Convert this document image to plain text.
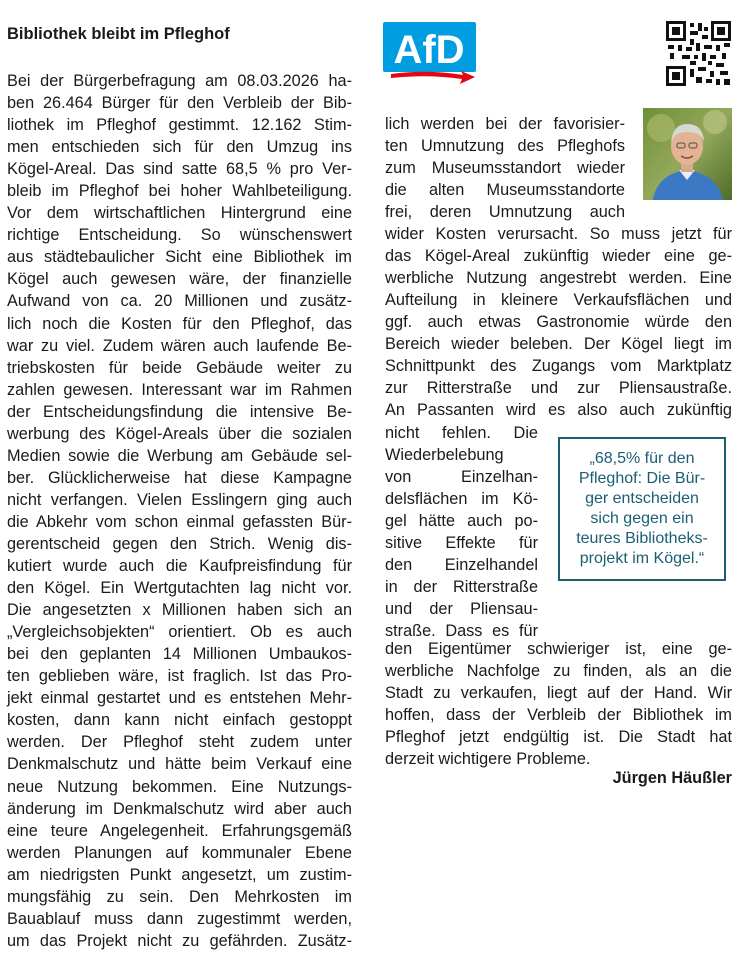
Bibliothek bleibt im Pfleghof
Bei der Bürgerbefragung am 08.03.2026 ha-
ben 26.464 Bürger für den Verbleib der Bib-
liothek im Pfleghof gestimmt. 12.162 Stim-
men entschieden sich für den Umzug ins
Kögel-Areal. Das sind satte 68,5 % pro Ver-
bleib im Pfleghof bei hoher Wahlbeteiligung.
Vor dem wirtschaftlichen Hintergrund eine
richtige Entscheidung. So wünschenswert
aus städtebaulicher Sicht eine Bibliothek im
Kögel auch gewesen wäre, der finanzielle
Aufwand von ca. 20 Millionen und zusätz-
lich noch die Kosten für den Pfleghof, das
war zu viel. Zudem wären auch laufende Be-
triebskosten für beide Gebäude weiter zu
zahlen gewesen. Interessant war im Rahmen
der Entscheidungsfindung die intensive Be-
werbung des Kögel-Areals über die sozialen
Medien sowie die Werbung am Gebäude sel-
ber. Glücklicherweise hat diese Kampagne
nicht verfangen. Vielen Esslingern ging auch
die Abkehr vom schon einmal gefassten Bür-
gerentscheid gegen den Strich. Wenig dis-
kutiert wurde auch die Kaufpreisfindung für
den Kögel. Ein Wertgutachten lag nicht vor.
Die angesetzten x Millionen haben sich an
„Vergleichsobjekten“ orientiert. Ob es auch
bei den geplanten 14 Millionen Umbaukos-
ten geblieben wäre, ist fraglich. Ist das Pro-
jekt einmal gestartet und es entstehen Mehr-
kosten, dann kann nicht einfach gestoppt
werden. Der Pfleghof steht zudem unter
Denkmalschutz und hätte beim Verkauf eine
neue Nutzung bekommen. Eine Nutzungs-
änderung im Denkmalschutz wird aber auch
eine teure Angelegenheit. Erfahrungsgemäß
werden Planungen auf kommunaler Ebene
am niedrigsten Punkt angesetzt, um zustim-
mungsfähig zu sein. Den Mehrkosten im
Bauablauf muss dann zugestimmt werden,
um das Projekt nicht zu gefährden. Zusätz-
AfD
lich werden bei der favorisier-
ten Umnutzung des Pfleghofs
zum Museumsstandort wieder
die alten Museumsstandorte
frei, deren Umnutzung auch
wider Kosten verursacht. So muss jetzt für
das Kögel-Areal zukünftig wieder eine ge-
werbliche Nutzung angestrebt werden. Eine
Aufteilung in kleinere Verkaufsflächen und
ggf. auch etwas Gastronomie würde den
Bereich wieder beleben. Der Kögel liegt im
Schnittpunkt des Zugangs vom Marktplatz
zur Ritterstraße und zur Pliensaustraße.
An Passanten wird es also auch zukünftig
nicht fehlen. Die
Wiederbelebung
von Einzelhan-
delsflächen im Kö-
gel hätte auch po-
sitive Effekte für
den Einzelhandel
in der Ritterstraße
und der Pliensau-
straße. Dass es für
„68,5% für den
Pfleghof: Die Bür-
ger entscheiden
sich gegen ein
teures Bibliotheks-
projekt im Kögel.“
den Eigentümer schwieriger ist, eine ge-
werbliche Nachfolge zu finden, als an die
Stadt zu verkaufen, liegt auf der Hand. Wir
hoffen, dass der Verbleib der Bibliothek im
Pfleghof jetzt endgültig ist. Die Stadt hat
derzeit wichtigere Probleme.

Jürgen Häußler
